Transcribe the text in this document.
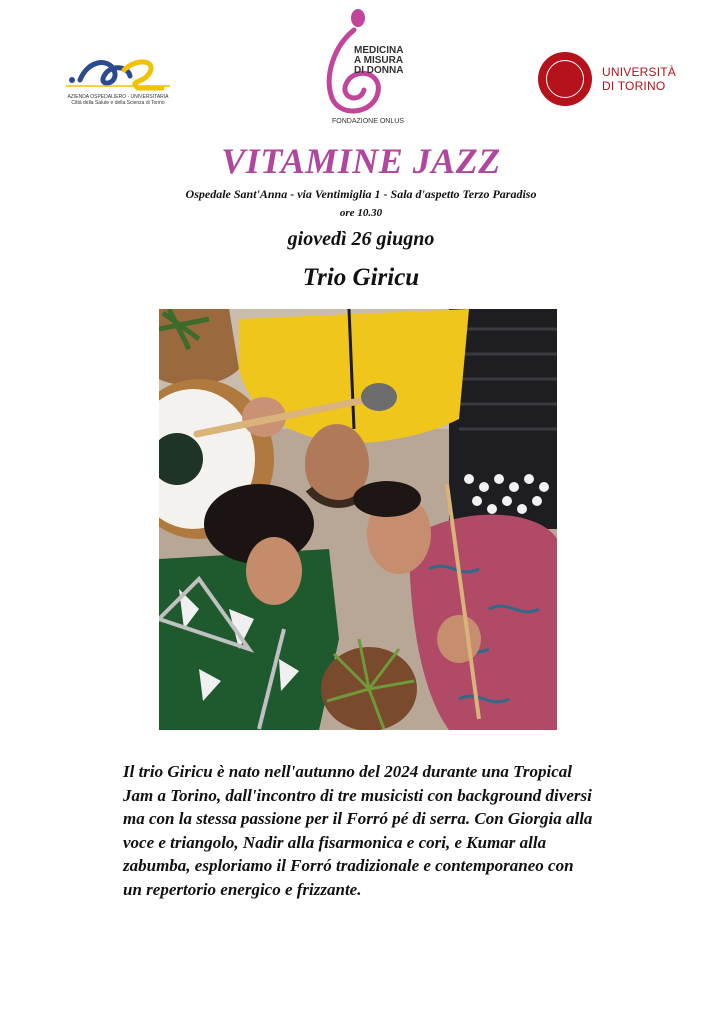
AZIENDA OSPEDALIERO - UNIVERSITARIA
Città della Salute e della Scienza di Torino
MEDICINA
A MISURA
DI DONNA
FONDAZIONE ONLUS
UNIVERSITÀ
DI TORINO
VITAMINE JAZZ
Ospedale Sant'Anna - via Ventimiglia 1 - Sala d'aspetto Terzo Paradiso
ore 10.30
giovedì 26 giugno
Trio Giricu
Il trio Giricu è nato nell'autunno del 2024 durante una Tropical Jam a Torino, dall'incontro di tre musicisti con background diversi ma con la stessa passione per il Forró pé di serra. Con Giorgia alla voce e triangolo, Nadir alla fisarmonica e cori, e Kumar alla zabumba, esploriamo il Forró tradizionale e contemporaneo con un repertorio energico e frizzante.
